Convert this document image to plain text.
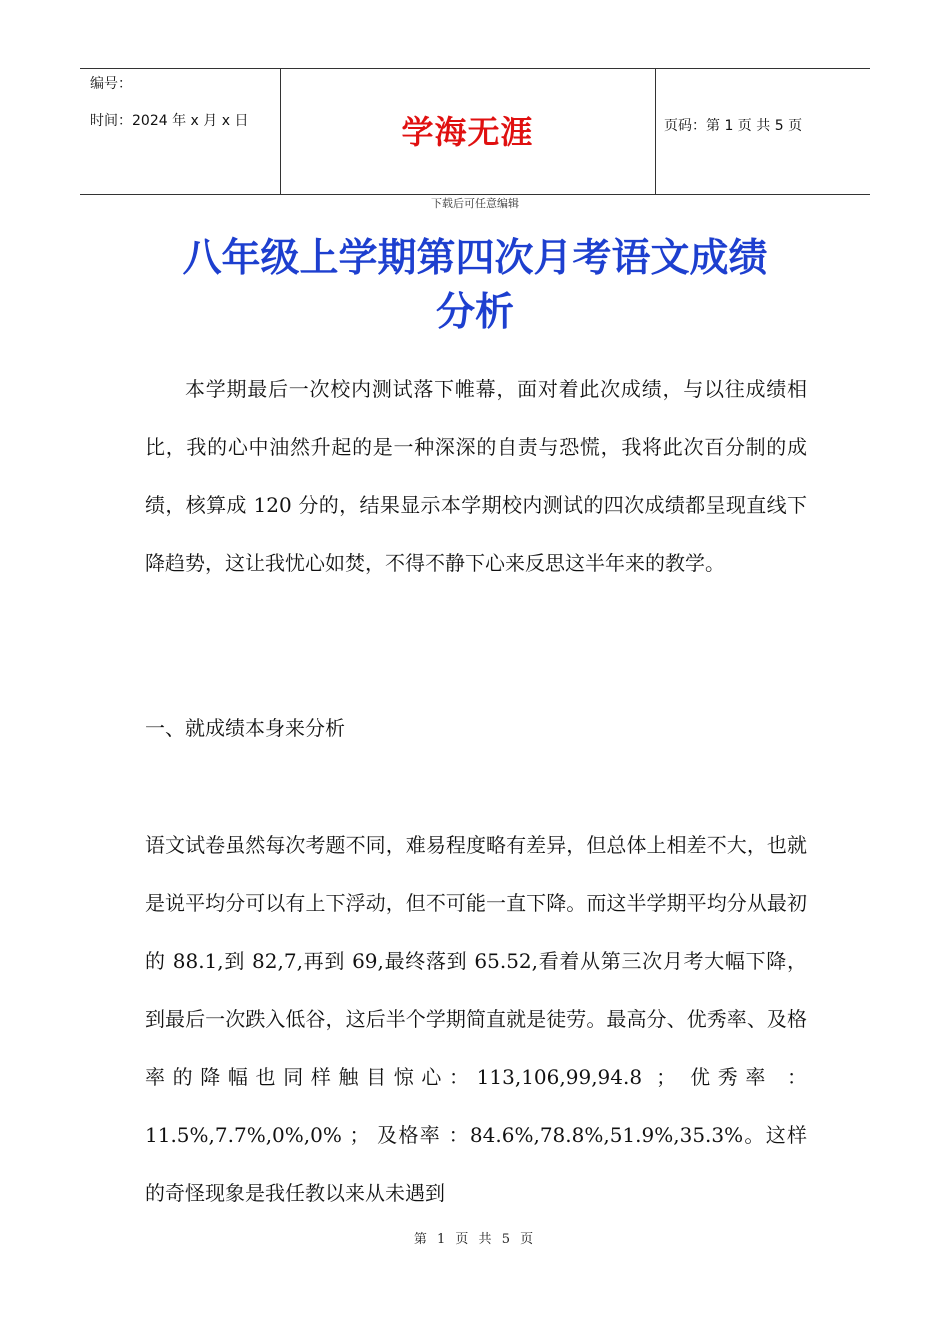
编号：
时间：2024 年 x 月 x 日	学海无涯	页码：第 1 页 共 5 页
下载后可任意编辑
八年级上学期第四次月考语文成绩
分析
本学期最后一次校内测试落下帷幕，面对着此次成绩，与以往成绩相比，我的心中油然升起的是一种深深的自责与恐慌，我将此次百分制的成绩，核算成 120 分的，结果显示本学期校内测试的四次成绩都呈现直线下降趋势，这让我忧心如焚，不得不静下心来反思这半年来的教学。
一、就成绩本身来分析
语文试卷虽然每次考题不同，难易程度略有差异，但总体上相差不大，也就是说平均分可以有上下浮动，但不可能一直下降。而这半学期平均分从最初的 88.1,到 82,7,再到 69,最终落到 65.52,看着从第三次月考大幅下降，到最后一次跌入低谷，这后半个学期简直就是徒劳。最高分、优秀率、及格率的降幅也同样触目惊心：113,106,99,94.8 ； 优秀率 ： 11.5%,7.7%,0%,0% ； 及格率 ：84.6%,78.8%,51.9%,35.3%。这样的奇怪现象是我任教以来从未遇到
第 1 页 共 5 页
